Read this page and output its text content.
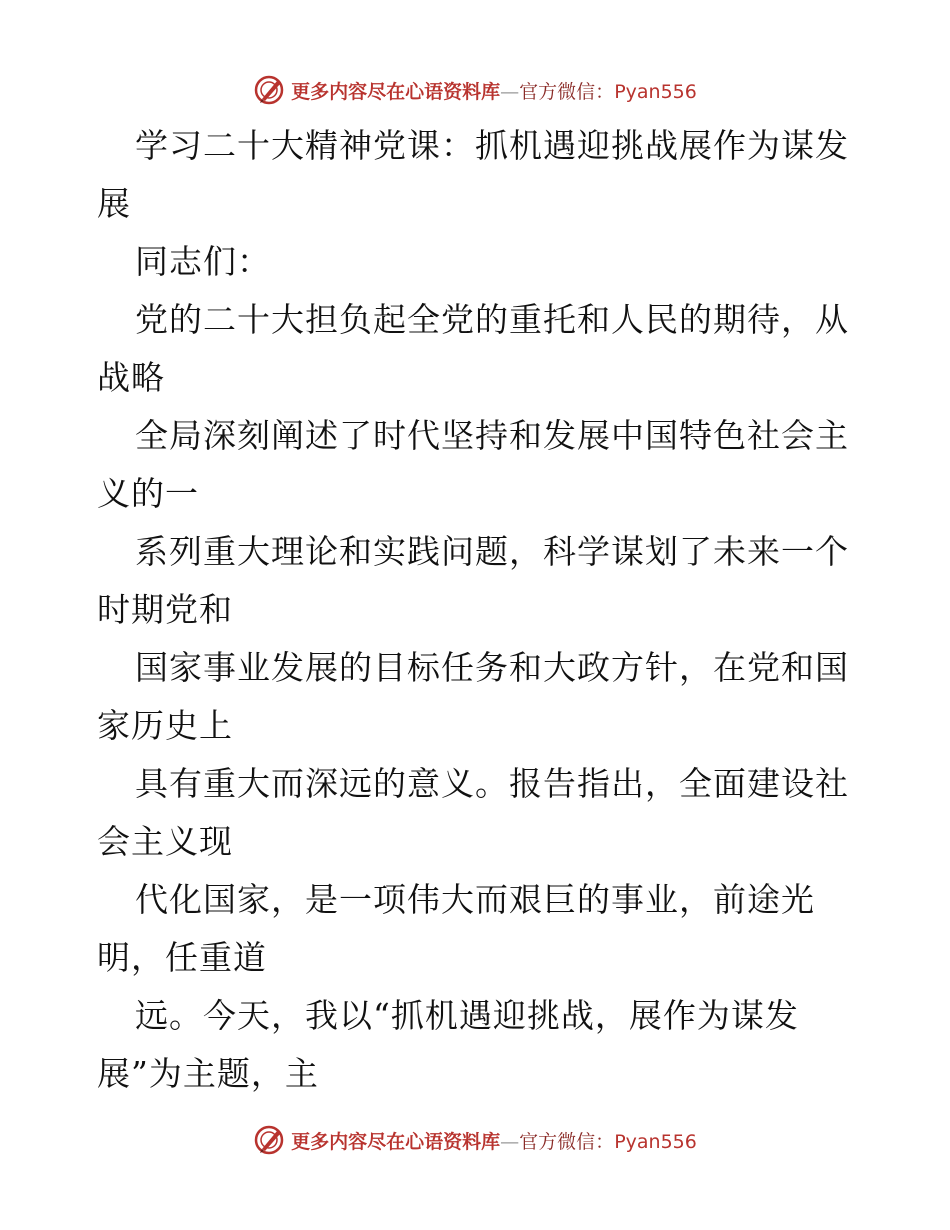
更多内容尽在心语资料库—官方微信：Pyan556
学习二十大精神党课：抓机遇迎挑战展作为谋发
展
同志们：
党的二十大担负起全党的重托和人民的期待，从
战略
全局深刻阐述了时代坚持和发展中国特色社会主
义的一
系列重大理论和实践问题，科学谋划了未来一个
时期党和
国家事业发展的目标任务和大政方针，在党和国
家历史上
具有重大而深远的意义。报告指出，全面建设社
会主义现
代化国家，是一项伟大而艰巨的事业，前途光
明，任重道
远。今天，我以“抓机遇迎挑战，展作为谋发
展”为主题，主
更多内容尽在心语资料库—官方微信：Pyan556
